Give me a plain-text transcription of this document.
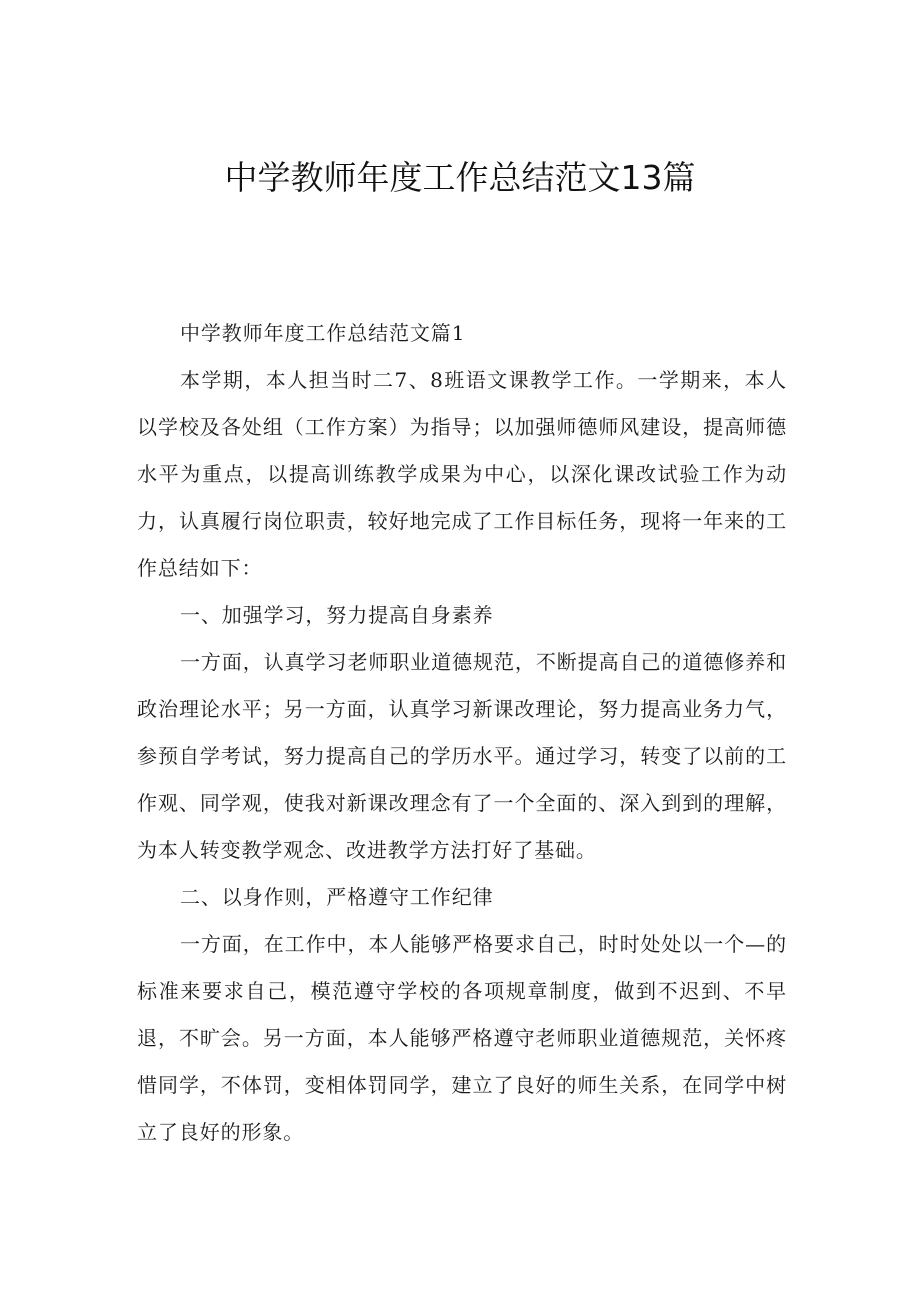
中学教师年度工作总结范文13篇

中学教师年度工作总结范文篇1

本学期，本人担当时二7、8班语文课教学工作。一学期来，本人以学校及各处组（工作方案）为指导；以加强师德师风建设，提高师德水平为重点，以提高训练教学成果为中心，以深化课改试验工作为动力，认真履行岗位职责，较好地完成了工作目标任务，现将一年来的工作总结如下：

一、加强学习，努力提高自身素养

一方面，认真学习老师职业道德规范，不断提高自己的道德修养和政治理论水平；另一方面，认真学习新课改理论，努力提高业务力气，参预自学考试，努力提高自己的学历水平。通过学习，转变了以前的工作观、同学观，使我对新课改理念有了一个全面的、深入到到的理解，为本人转变教学观念、改进教学方法打好了基础。

二、以身作则，严格遵守工作纪律

一方面，在工作中，本人能够严格要求自己，时时处处以一个—的标准来要求自己，模范遵守学校的各项规章制度，做到不迟到、不早退，不旷会。另一方面，本人能够严格遵守老师职业道德规范，关怀疼惜同学，不体罚，变相体罚同学，建立了良好的师生关系，在同学中树立了良好的形象。
